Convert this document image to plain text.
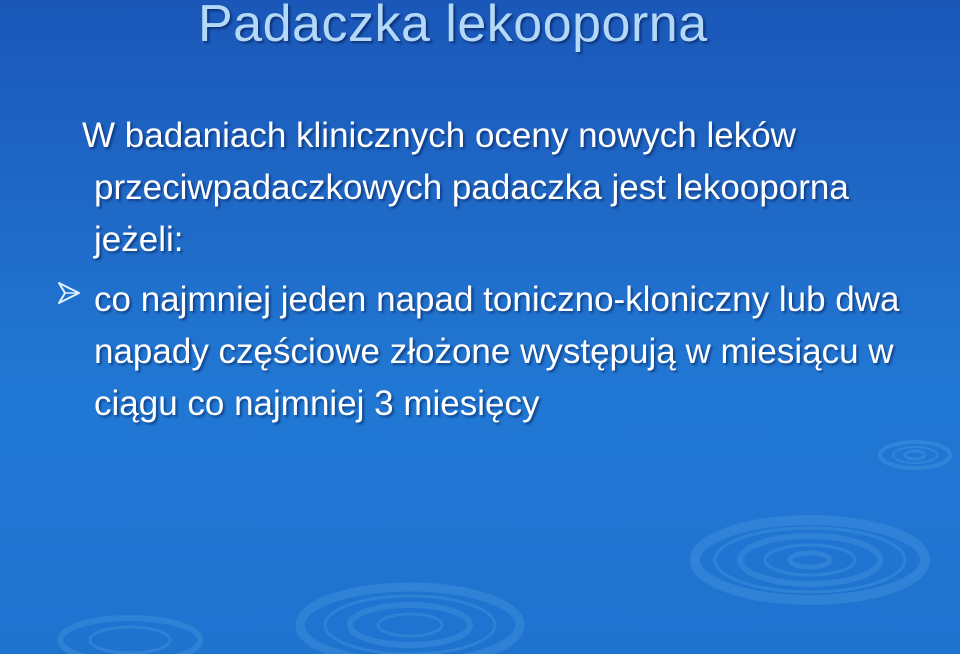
Padaczka lekooporna

W badaniach klinicznych oceny nowych leków przeciwpadaczkowych padaczka jest lekooporna jeżeli:

co najmniej jeden napad toniczno-kloniczny lub dwa napady częściowe złożone występują w miesiącu w ciągu co najmniej 3 miesięcy
